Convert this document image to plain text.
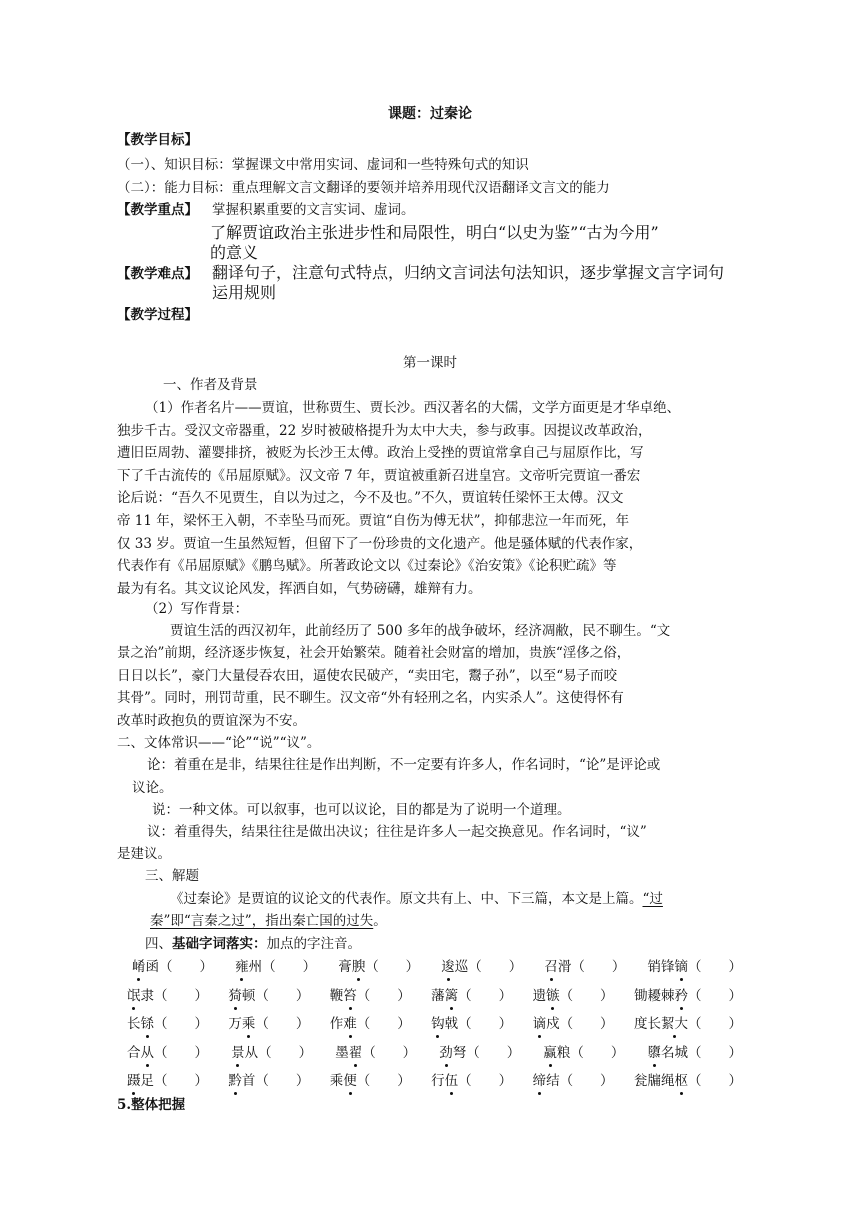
课题：过秦论
【教学目标】
（一）、知识目标：掌握课文中常用实词、虚词和一些特殊句式的知识
（二）：能力目标：重点理解文言文翻译的要领并培养用现代汉语翻译文言文的能力
【教学重点】 掌握积累重要的文言实词、虚词。
了解贾谊政治主张进步性和局限性，明白“以史为鉴”“古为今用”
的意义
【教学难点】 翻译句子，注意句式特点，归纳文言词法句法知识，逐步掌握文言字词句
运用规则
【教学过程】
第一课时
一、作者及背景
（1）作者名片——贾谊，世称贾生、贾长沙。西汉著名的大儒，文学方面更是才华卓绝、
独步千古。受汉文帝器重，22 岁时被破格提升为太中大夫，参与政事。因提议改革政治，
遭旧臣周勃、灌婴排挤，被贬为长沙王太傅。政治上受挫的贾谊常拿自己与屈原作比，写
下了千古流传的《吊屈原赋》。汉文帝 7 年，贾谊被重新召进皇宫。文帝听完贾谊一番宏
论后说：“吾久不见贾生，自以为过之，今不及也。”不久，贾谊转任梁怀王太傅。汉文
帝 11 年，梁怀王入朝，不幸坠马而死。贾谊“自伤为傅无状”，抑郁悲泣一年而死，年
仅 33 岁。贾谊一生虽然短暂，但留下了一份珍贵的文化遗产。他是骚体赋的代表作家，
代表作有《吊屈原赋》《鹏鸟赋》。所著政论文以《过秦论》《治安策》《论积贮疏》等
最为有名。其文议论风发，挥洒自如，气势磅礴，雄辩有力。
（2）写作背景：
贾谊生活的西汉初年，此前经历了 500 多年的战争破坏，经济凋敝，民不聊生。“文
景之治”前期，经济逐步恢复，社会开始繁荣。随着社会财富的增加，贵族“淫侈之俗，
日日以长”，豪门大量侵吞农田，逼使农民破产，“卖田宅，鬻子孙”，以至“易子而咬
其骨”。同时，刑罚苛重，民不聊生。汉文帝“外有轻刑之名，内实杀人”。这使得怀有
改革时政抱负的贾谊深为不安。
二、文体常识——“论”“说”“议”。
论：着重在是非，结果往往是作出判断，不一定要有许多人，作名词时，“论”是评论或
议论。
说：一种文体。可以叙事，也可以议论，目的都是为了说明一个道理。
议：着重得失，结果往往是做出决议；往往是许多人一起交换意见。作名词时，“议”
是建议。
三、解题
《过秦论》是贾谊的议论文的代表作。原文共有上、中、下三篇，本文是上篇。“过
秦”即“言秦之过”，指出秦亡国的过失。
四、基础字词落实：加点的字注音。
崤函（　　） 雍州（　　） 膏腴（　　） 逡巡（　　） 召滑（　　） 销锋镝（　　）
氓隶（　　） 猗顿（　　） 鞭笞（　　） 藩篱（　　） 遗镞（　　） 锄耰棘矜（　　）
长铩（　　） 万乘（　　） 作难（　　） 钩戟（　　） 谪戍（　　） 度长絜大（　　）
合从（　　） 景从（　　） 墨翟（　　） 劲弩（　　） 赢粮（　　） 隳名城（　　）
蹑足（　　） 黔首（　　） 乘便（　　） 行伍（　　） 缔结（　　） 瓮牖绳枢（　　）
5.整体把握
